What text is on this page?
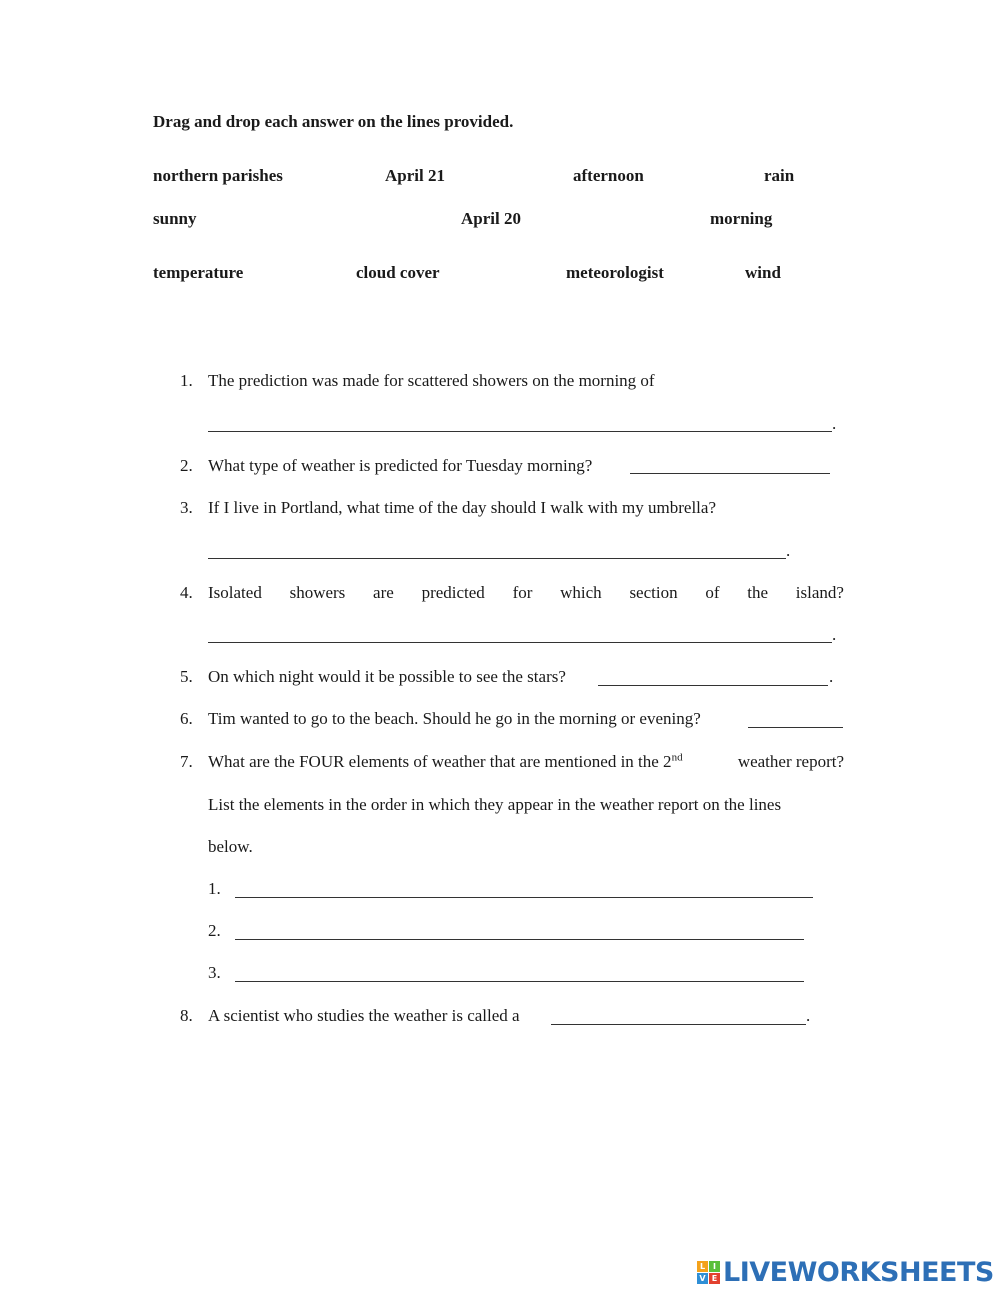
Drag and drop each answer on the lines provided.
northern parishes	April 21	afternoon	rain
sunny	April 20	morning
temperature	cloud cover	meteorologist	wind
1. The prediction was made for scattered showers on the morning of
.
2. What type of weather is predicted for Tuesday morning?
3. If I live in Portland, what time of the day should I walk with my umbrella?
.
4. Isolated showers are predicted for which section of the island?
.
5. On which night would it be possible to see the stars?	.
6. Tim wanted to go to the beach. Should he go in the morning or evening?
7. What are the FOUR elements of weather that are mentioned in the 2nd	weather report?
List the elements in the order in which they appear in the weather report on the lines
below.
1.
2.
3.
8. A scientist who studies the weather is called a	.
L I
V E LIVEWORKSHEETS
